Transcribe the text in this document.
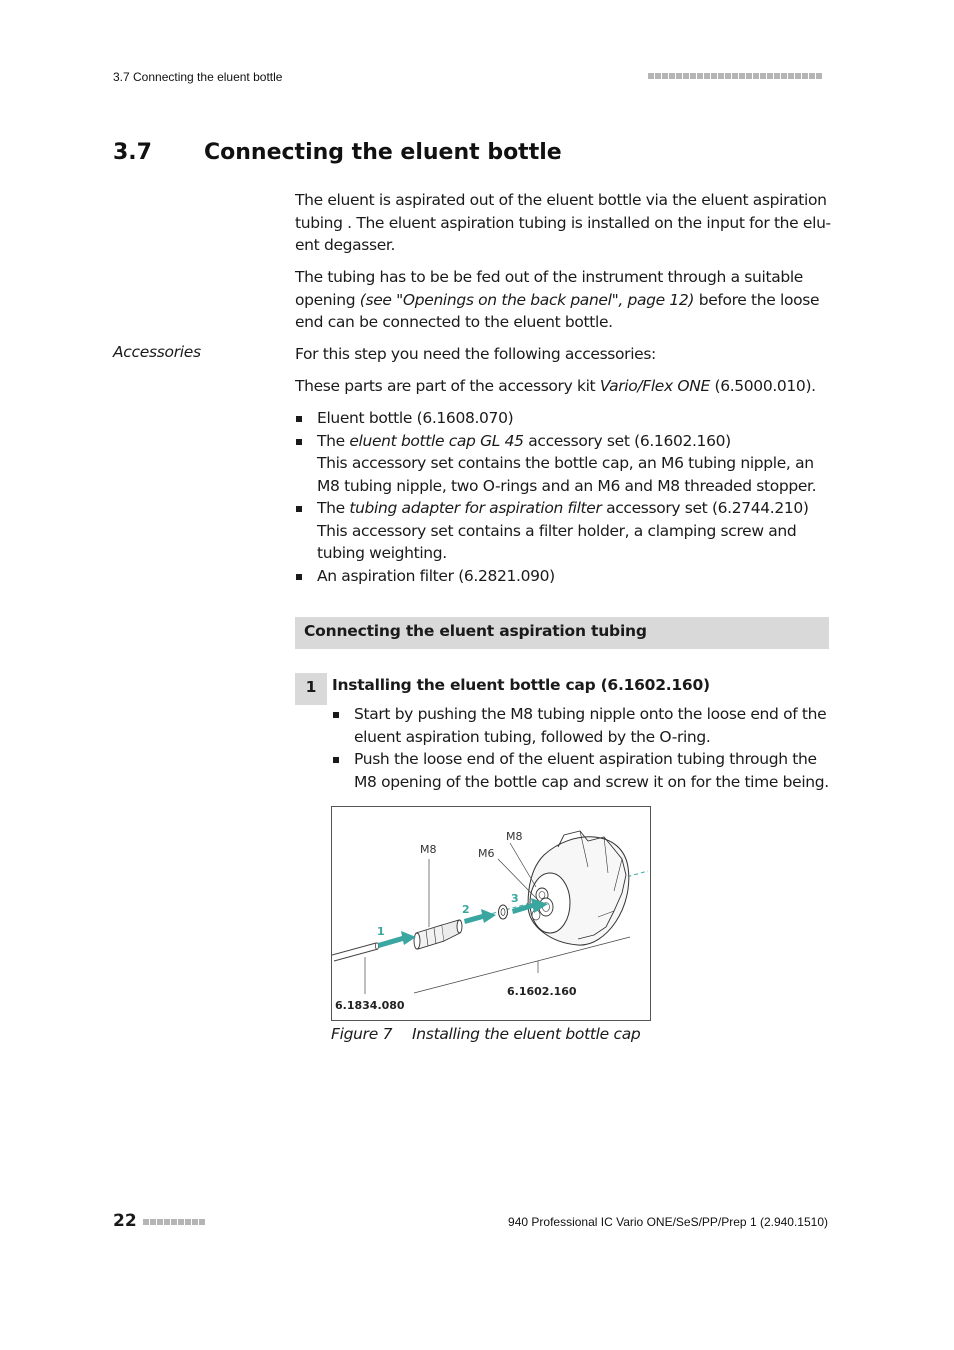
3.7 Connecting the eluent bottle
3.7 Connecting the eluent bottle

The eluent is aspirated out of the eluent bottle via the eluent aspiration tubing . The eluent aspiration tubing is installed on the input for the elu-ent degasser.

The tubing has to be be fed out of the instrument through a suitable opening (see "Openings on the back panel", page 12) before the loose end can be connected to the eluent bottle.

Accessories	For this step you need the following accessories:
These parts are part of the accessory kit Vario/Flex ONE (6.5000.010).
Eluent bottle (6.1608.070)
The eluent bottle cap GL 45 accessory set (6.1602.160)
This accessory set contains the bottle cap, an M6 tubing nipple, an M8 tubing nipple, two O-rings and an M6 and M8 threaded stopper.
The tubing adapter for aspiration filter accessory set (6.2744.210)
This accessory set contains a filter holder, a clamping screw and tubing weighting.
An aspiration filter (6.2821.090)
Connecting the eluent aspiration tubing
1	Installing the eluent bottle cap (6.1602.160)
Start by pushing the M8 tubing nipple onto the loose end of the eluent aspiration tubing, followed by the O-ring.
Push the loose end of the eluent aspiration tubing through the M8 opening of the bottle cap and screw it on for the time being.
1
2
3
M8
M8
M6
6.1834.080
6.1602.160
Figure 7 Installing the eluent bottle cap
22	940 Professional IC Vario ONE/SeS/PP/Prep 1 (2.940.1510)
